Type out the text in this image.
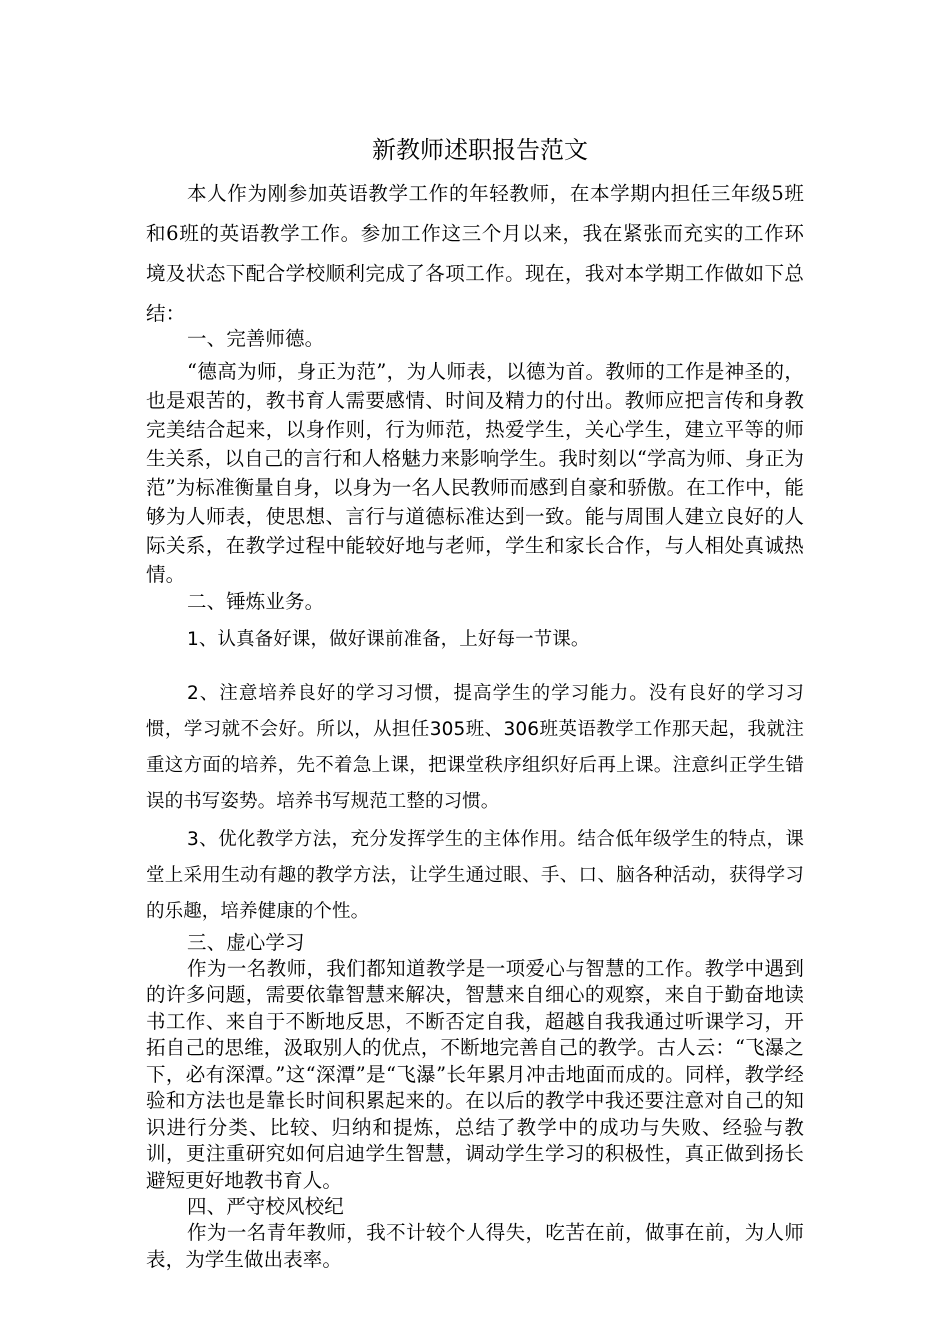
新教师述职报告范文

本人作为刚参加英语教学工作的年轻教师，在本学期内担任三年级5班和6班的英语教学工作。参加工作这三个月以来，我在紧张而充实的工作环境及状态下配合学校顺利完成了各项工作。现在，我对本学期工作做如下总结：

一、完善师德。

“德高为师，身正为范”，为人师表，以德为首。教师的工作是神圣的，也是艰苦的，教书育人需要感情、时间及精力的付出。教师应把言传和身教完美结合起来，以身作则，行为师范，热爱学生，关心学生，建立平等的师生关系，以自己的言行和人格魅力来影响学生。我时刻以“学高为师、身正为范”为标准衡量自身，以身为一名人民教师而感到自豪和骄傲。在工作中，能够为人师表，使思想、言行与道德标准达到一致。能与周围人建立良好的人际关系，在教学过程中能较好地与老师，学生和家长合作，与人相处真诚热情。

二、锤炼业务。

1、认真备好课，做好课前准备，上好每一节课。

2、注意培养良好的学习习惯，提高学生的学习能力。没有良好的学习习惯，学习就不会好。所以，从担任305班、306班英语教学工作那天起，我就注重这方面的培养，先不着急上课，把课堂秩序组织好后再上课。注意纠正学生错误的书写姿势。培养书写规范工整的习惯。

3、优化教学方法，充分发挥学生的主体作用。结合低年级学生的特点，课堂上采用生动有趣的教学方法，让学生通过眼、手、口、脑各种活动，获得学习的乐趣，培养健康的个性。

三、虚心学习

作为一名教师，我们都知道教学是一项爱心与智慧的工作。教学中遇到的许多问题，需要依靠智慧来解决，智慧来自细心的观察，来自于勤奋地读书工作、来自于不断地反思，不断否定自我，超越自我我通过听课学习，开拓自己的思维，汲取别人的优点，不断地完善自己的教学。古人云：“飞瀑之下，必有深潭。”这“深潭”是“飞瀑”长年累月冲击地面而成的。同样，教学经验和方法也是靠长时间积累起来的。在以后的教学中我还要注意对自己的知识进行分类、比较、归纳和提炼，总结了教学中的成功与失败、经验与教训，更注重研究如何启迪学生智慧，调动学生学习的积极性，真正做到扬长避短更好地教书育人。

四、严守校风校纪

作为一名青年教师，我不计较个人得失，吃苦在前，做事在前，为人师表，为学生做出表率。
